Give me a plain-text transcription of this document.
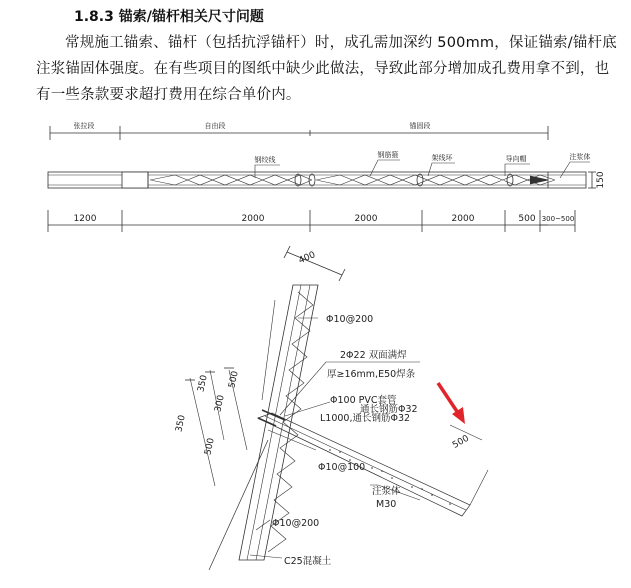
1.8.3 锚索/锚杆相关尺寸问题
常规施工锚索、锚杆（包括抗浮锚杆）时，成孔需加深约 500mm，保证锚索/锚杆底
注浆锚固体强度。在有些项目的图纸中缺少此做法，导致此部分增加成孔费用拿不到，也
有一些条款要求超打费用在综合单价内。
张拉段	自由段	锚固段
钢绞线
钢筋箍	架线环	导向帽	注浆体
150
1200	2000	2000	2000	500 300~500
400
350
350
300
500
500
Φ10@200
2Φ22 双面满焊
厚≥16mm,E50焊条
Φ100 PVC套管
通长钢筋Φ32
L1000,通长钢筋Φ32
Φ10@100
注浆体
M30
Φ10@200
C25混凝土
500
